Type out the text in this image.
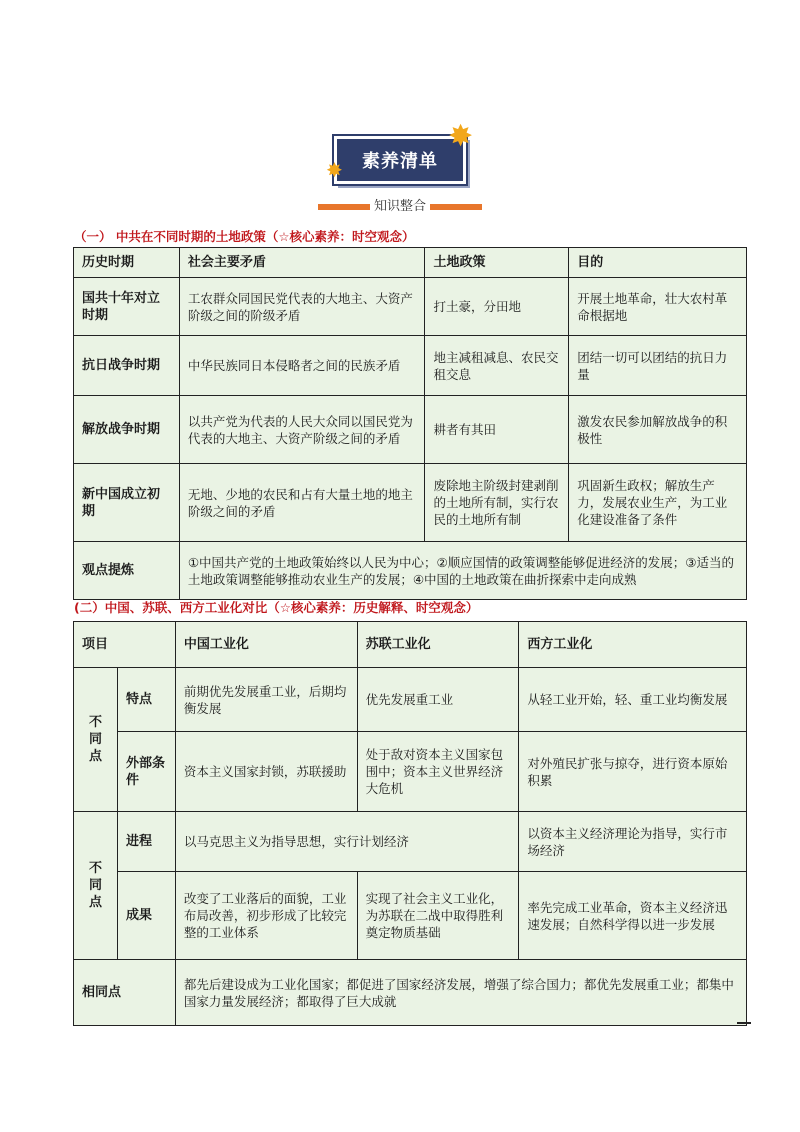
素养清单
✸
✸
知识整合
（一） 中共在不同时期的土地政策（☆核心素养：时空观念）
历史时期	社会主要矛盾	土地政策	目的
国共十年对立时期	工农群众同国民党代表的大地主、大资产阶级之间的阶级矛盾	打土豪，分田地	开展土地革命，壮大农村革命根据地
抗日战争时期	中华民族同日本侵略者之间的民族矛盾	地主减租减息、农民交租交息	团结一切可以团结的抗日力量
解放战争时期	以共产党为代表的人民大众同以国民党为代表的大地主、大资产阶级之间的矛盾	耕者有其田	激发农民参加解放战争的积极性
新中国成立初期	无地、少地的农民和占有大量土地的地主阶级之间的矛盾	废除地主阶级封建剥削的土地所有制，实行农民的土地所有制	巩固新生政权；解放生产力，发展农业生产，为工业化建设准备了条件
观点提炼	①中国共产党的土地政策始终以人民为中心；②顺应国情的政策调整能够促进经济的发展；③适当的土地政策调整能够推动农业生产的发展；④中国的土地政策在曲折探索中走向成熟		
(二）中国、苏联、西方工业化对比（☆核心素养：历史解释、时空观念）
项目		中国工业化	苏联工业化	西方工业化
不同点	特点	前期优先发展重工业，后期均衡发展	优先发展重工业	从轻工业开始，轻、重工业均衡发展
	外部条件	资本主义国家封锁，苏联援助	处于敌对资本主义国家包围中；资本主义世界经济大危机	对外殖民扩张与掠夺，进行资本原始积累
不同点	进程	以马克思主义为指导思想，实行计划经济		以资本主义经济理论为指导，实行市场经济
	成果	改变了工业落后的面貌，工业布局改善，初步形成了比较完整的工业体系	实现了社会主义工业化，为苏联在二战中取得胜利奠定物质基础	率先完成工业革命，资本主义经济迅速发展；自然科学得以进一步发展
相同点		都先后建设成为工业化国家；都促进了国家经济发展，增强了综合国力；都优先发展重工业；都集中国家力量发展经济；都取得了巨大成就		
